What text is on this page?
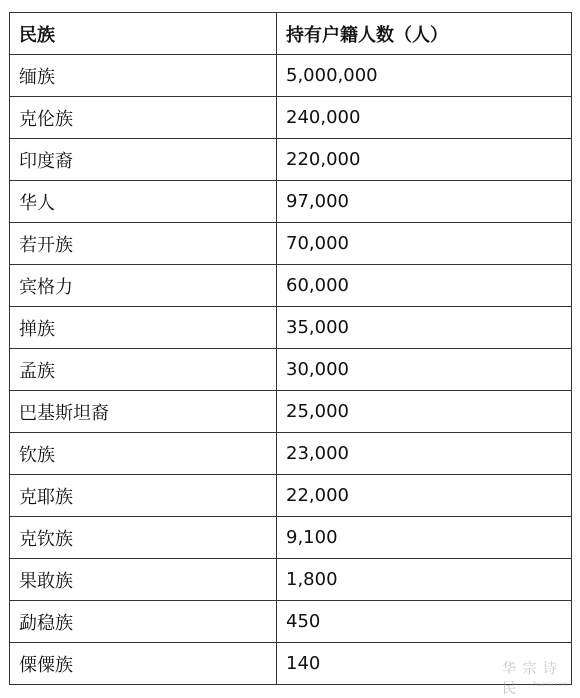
民族	持有户籍人数（人）
缅族	5,000,000
克伦族	240,000
印度裔	220,000
华人	97,000
若开族	70,000
宾格力	60,000
掸族	35,000
孟族	30,000
巴基斯坦裔	25,000
钦族	23,000
克耶族	22,000
克钦族	9,100
果敢族	1,800
勐稳族	450
傈僳族	140	华 宗 诗 民	huaxia.com
